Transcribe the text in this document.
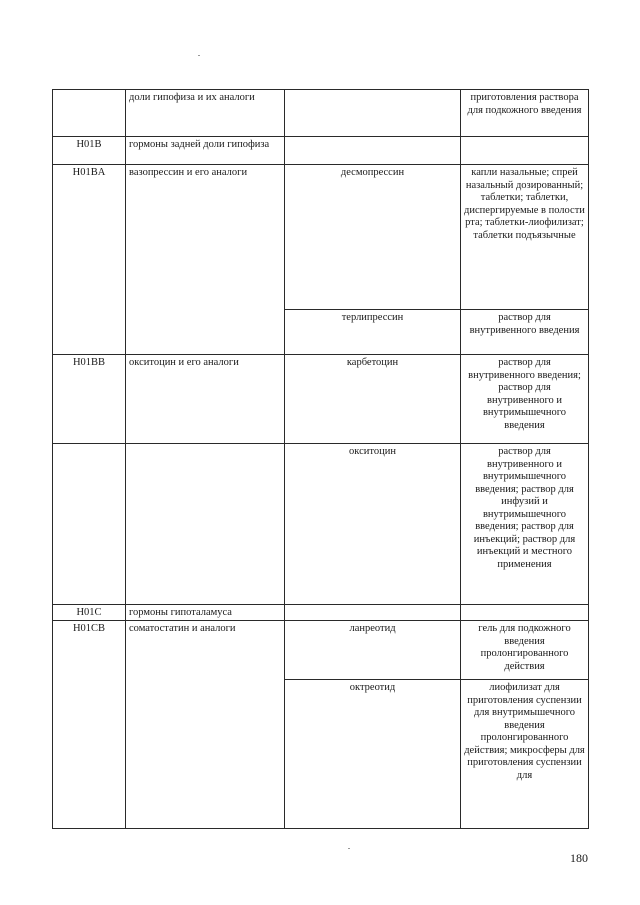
	доли гипофиза и их аналоги		приготовления раствора для подкожного введения
H01B	гормоны задней доли гипофиза		
H01BA	вазопрессин и его аналоги	десмопрессин	капли назальные; спрей назальный дозированный; таблетки; таблетки, диспергируемые в полости рта; таблетки-лиофилизат; таблетки подъязычные
		терлипрессин	раствор для внутривенного введения
H01BB	окситоцин и его аналоги	карбетоцин	раствор для внутривенного введения; раствор для внутривенного и внутримышечного введения
		окситоцин	раствор для внутривенного и внутримышечного введения; раствор для инфузий и внутримышечного введения; раствор для инъекций; раствор для инъекций и местного применения
H01C	гормоны гипоталамуса		
H01CB	соматостатин и аналоги	ланреотид	гель для подкожного введения пролонгированного действия
		октреотид	лиофилизат для приготовления суспензии для внутримышечного введения пролонгированного действия; микросферы для приготовления суспензии для
180
